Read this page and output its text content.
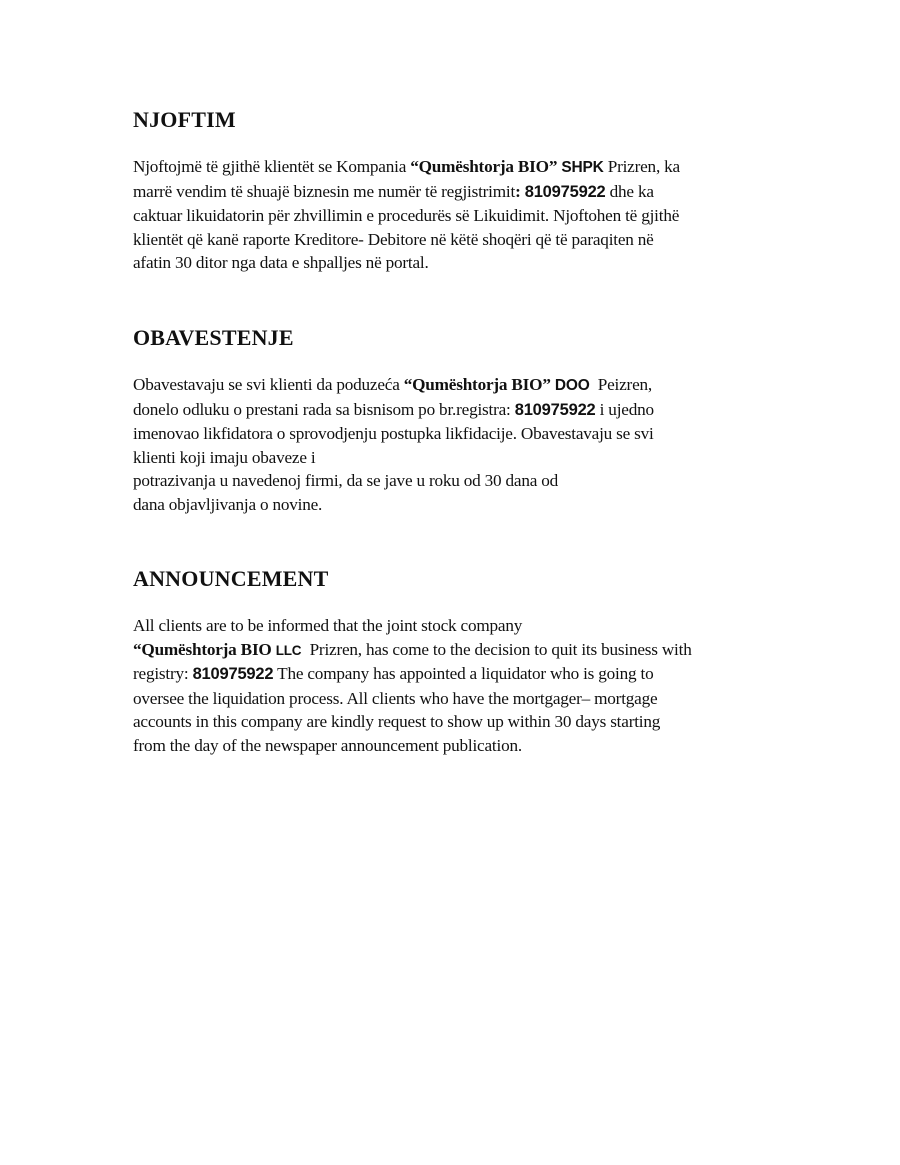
NJOFTIM

Njoftojmë të gjithë klientët se Kompania “Qumështorja BIO” SHPK Prizren, ka
marrë vendim të shuajë biznesin me numër të regjistrimit: 810975922 dhe ka
caktuar likuidatorin për zhvillimin e procedurës së Likuidimit. Njoftohen të gjithë
klientët që kanë raporte Kreditore- Debitore në këtë shoqëri që të paraqiten në
afatin 30 ditor nga data e shpalljes në portal.

OBAVESTENJE

Obavestavaju se svi klienti da poduzeća “Qumështorja BIO” DOO  Peizren,
donelo odluku o prestani rada sa bisnisom po br.registra: 810975922 i ujedno
imenovao likfidatora o sprovodjenju postupka likfidacije. Obavestavaju se svi
klienti koji imaju obaveze i
potrazivanja u navedenoj firmi, da se jave u roku od 30 dana od
dana objavljivanja o novine.

ANNOUNCEMENT

All clients are to be informed that the joint stock company
“Qumështorja BIO LLC  Prizren, has come to the decision to quit its business with
registry: 810975922 The company has appointed a liquidator who is going to
oversee the liquidation process. All clients who have the mortgager– mortgage
accounts in this company are kindly request to show up within 30 days starting
from the day of the newspaper announcement publication.
